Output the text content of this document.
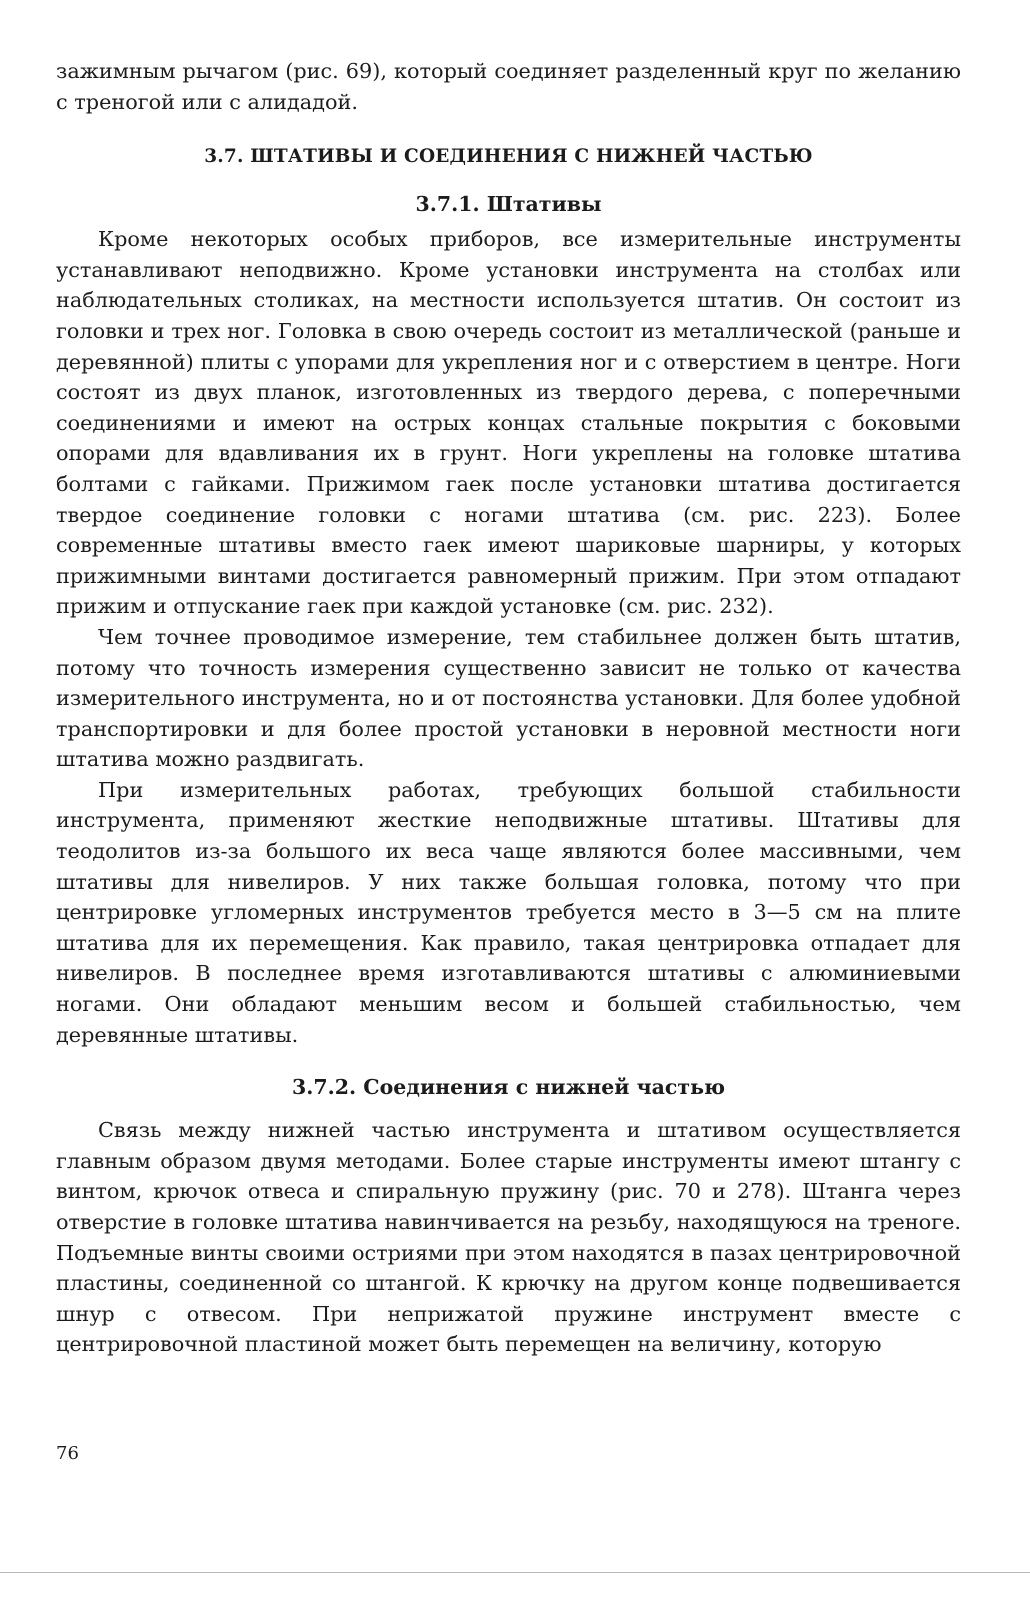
зажимным рычагом (рис. 69), который соединяет разделенный круг по желанию с треногой или с алидадой.

3.7. ШТАТИВЫ И СОЕДИНЕНИЯ С НИЖНЕЙ ЧАСТЬЮ
3.7.1. Штативы

Кроме некоторых особых приборов, все измерительные инструменты устанавливают неподвижно. Кроме установки инструмента на столбах или наблюдательных столиках, на местности используется штатив. Он состоит из головки и трех ног. Головка в свою очередь состоит из металлической (раньше и деревянной) плиты с упорами для укрепления ног и с отверстием в центре. Ноги состоят из двух планок, изготовленных из твердого дерева, с поперечными соединениями и имеют на острых концах стальные покрытия с боковыми опорами для вдавливания их в грунт. Ноги укреплены на головке штатива болтами с гайками. Прижимом гаек после установки штатива достигается твердое соединение головки с ногами штатива (см. рис. 223). Более современные штативы вместо гаек имеют шариковые шарниры, у которых прижимными винтами достигается равномерный прижим. При этом отпадают прижим и отпускание гаек при каждой установке (см. рис. 232).

Чем точнее проводимое измерение, тем стабильнее должен быть штатив, потому что точность измерения существенно зависит не только от качества измерительного инструмента, но и от постоянства установки. Для более удобной транспортировки и для более простой установки в неровной местности ноги штатива можно раздвигать.

При измерительных работах, требующих большой стабильности инструмента, применяют жесткие неподвижные штативы. Штативы для теодолитов из-за большого их веса чаще являются более массивными, чем штативы для нивелиров. У них также большая головка, потому что при центрировке угломерных инструментов требуется место в 3—5 см на плите штатива для их перемещения. Как правило, такая центрировка отпадает для нивелиров. В последнее время изготавливаются штативы с алюминиевыми ногами. Они обладают меньшим весом и большей стабильностью, чем деревянные штативы.

3.7.2. Соединения с нижней частью

Связь между нижней частью инструмента и штативом осуществляется главным образом двумя методами. Более старые инструменты имеют штангу с винтом, крючок отвеса и спиральную пружину (рис. 70 и 278). Штанга через отверстие в головке штатива навинчивается на резьбу, находящуюся на треноге. Подъемные винты своими остриями при этом находятся в пазах центрировочной пластины, соединенной со штангой. К крючку на другом конце подвешивается шнур с отвесом. При неприжатой пружине инструмент вместе с центрировочной пластиной может быть перемещен на величину, которую

76
